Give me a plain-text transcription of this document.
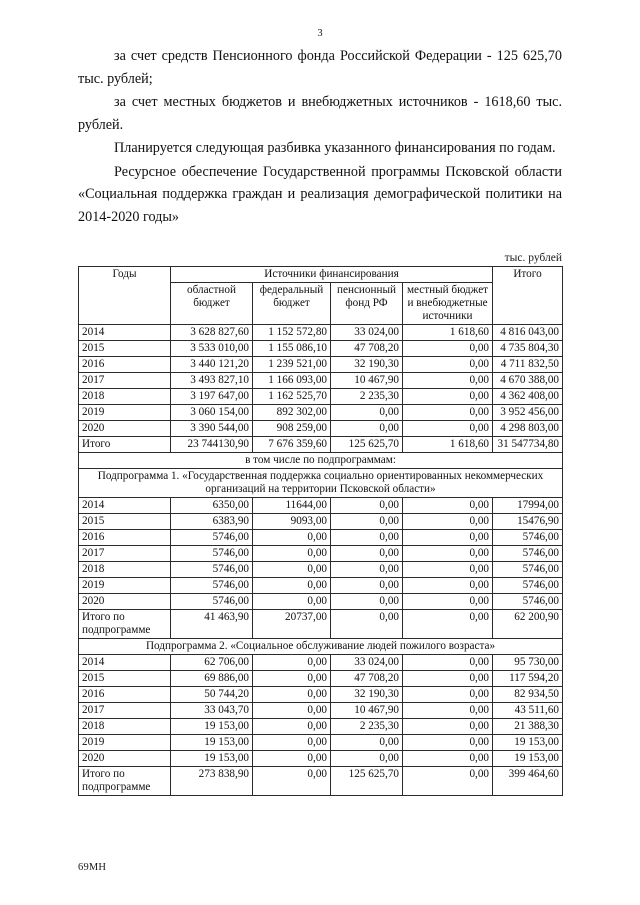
3

за счет средств Пенсионного фонда Российской Федерации - 125 625,70 тыс. рублей;

за счет местных бюджетов и внебюджетных источников - 1618,60 тыс. рублей.

Планируется следующая разбивка указанного финансирования по годам.

Ресурсное обеспечение Государственной программы Псковской области «Социальная поддержка граждан и реализация демографической политики на 2014-2020 годы»

тыс. рублей
Годы	Источники финансирования				Итого
	областной бюджет	федеральный бюджет	пенсионный фонд РФ	местный бюджет и внебюджетные источники	
2014	3 628 827,60	1 152 572,80	33 024,00	1 618,60	4 816 043,00
2015	3 533 010,00	1 155 086,10	47 708,20	0,00	4 735 804,30
2016	3 440 121,20	1 239 521,00	32 190,30	0,00	4 711 832,50
2017	3 493 827,10	1 166 093,00	10 467,90	0,00	4 670 388,00
2018	3 197 647,00	1 162 525,70	2 235,30	0,00	4 362 408,00
2019	3 060 154,00	892 302,00	0,00	0,00	3 952 456,00
2020	3 390 544,00	908 259,00	0,00	0,00	4 298 803,00
Итого	23 744130,90	7 676 359,60	125 625,70	1 618,60	31 547734,80
в том числе по подпрограммам:					
Подпрограмма 1. «Государственная поддержка социально ориентированных некоммерческих организаций на территории Псковской области»					
2014	6350,00	11644,00	0,00	0,00	17994,00
2015	6383,90	9093,00	0,00	0,00	15476,90
2016	5746,00	0,00	0,00	0,00	5746,00
2017	5746,00	0,00	0,00	0,00	5746,00
2018	5746,00	0,00	0,00	0,00	5746,00
2019	5746,00	0,00	0,00	0,00	5746,00
2020	5746,00	0,00	0,00	0,00	5746,00
Итого по подпрограмме	41 463,90	20737,00	0,00	0,00	62 200,90
Подпрограмма 2. «Социальное обслуживание людей пожилого возраста»					
2014	62 706,00	0,00	33 024,00	0,00	95 730,00
2015	69 886,00	0,00	47 708,20	0,00	117 594,20
2016	50 744,20	0,00	32 190,30	0,00	82 934,50
2017	33 043,70	0,00	10 467,90	0,00	43 511,60
2018	19 153,00	0,00	2 235,30	0,00	21 388,30
2019	19 153,00	0,00	0,00	0,00	19 153,00
2020	19 153,00	0,00	0,00	0,00	19 153,00
Итого по подпрограмме	273 838,90	0,00	125 625,70	0,00	399 464,60
69МН
